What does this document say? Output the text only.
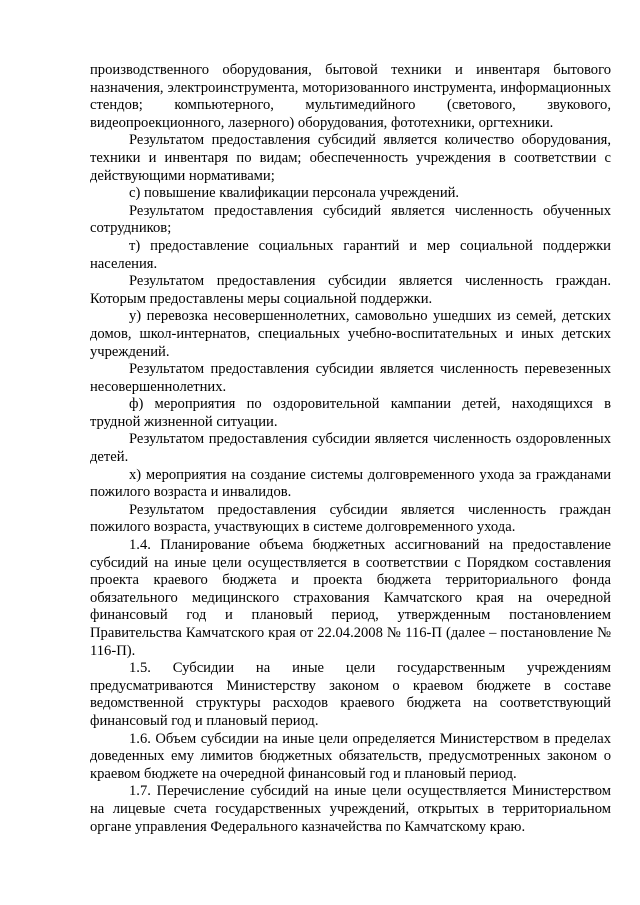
производственного оборудования, бытовой техники и инвентаря бытового назначения, электроинструмента, моторизованного инструмента, информационных стендов; компьютерного, мультимедийного (светового, звукового, видеопроекционного, лазерного) оборудования, фототехники, оргтехники.

Результатом предоставления субсидий является количество оборудования, техники и инвентаря по видам; обеспеченность учреждения в соответствии с действующими нормативами;

с) повышение квалификации персонала учреждений.

Результатом предоставления субсидий является численность обученных сотрудников;

т) предоставление социальных гарантий и мер социальной поддержки населения.

Результатом предоставления субсидии является численность граждан. Которым предоставлены меры социальной поддержки.

у) перевозка несовершеннолетних, самовольно ушедших из семей, детских домов, школ-интернатов, специальных учебно-воспитательных и иных детских учреждений.

Результатом предоставления субсидии является численность перевезенных несовершеннолетних.

ф) мероприятия по оздоровительной кампании детей, находящихся в трудной жизненной ситуации.

Результатом предоставления субсидии является численность оздоровленных детей.

х) мероприятия на создание системы долговременного ухода за гражданами пожилого возраста и инвалидов.

Результатом предоставления субсидии является численность граждан пожилого возраста, участвующих в системе долговременного ухода.

1.4. Планирование объема бюджетных ассигнований на предоставление субсидий на иные цели осуществляется в соответствии с Порядком составления проекта краевого бюджета и проекта бюджета территориального фонда обязательного медицинского страхования Камчатского края на очередной финансовый год и плановый период, утвержденным постановлением Правительства Камчатского края от 22.04.2008 № 116-П (далее – постановление № 116-П).

1.5. Субсидии на иные цели государственным учреждениям предусматриваются Министерству законом о краевом бюджете в составе ведомственной структуры расходов краевого бюджета на соответствующий финансовый год и плановый период.

1.6. Объем субсидии на иные цели определяется Министерством в пределах доведенных ему лимитов бюджетных обязательств, предусмотренных законом о краевом бюджете на очередной финансовый год и плановый период.

1.7. Перечисление субсидий на иные цели осуществляется Министерством на лицевые счета государственных учреждений, открытых в территориальном органе управления Федерального казначейства по Камчатскому краю.
